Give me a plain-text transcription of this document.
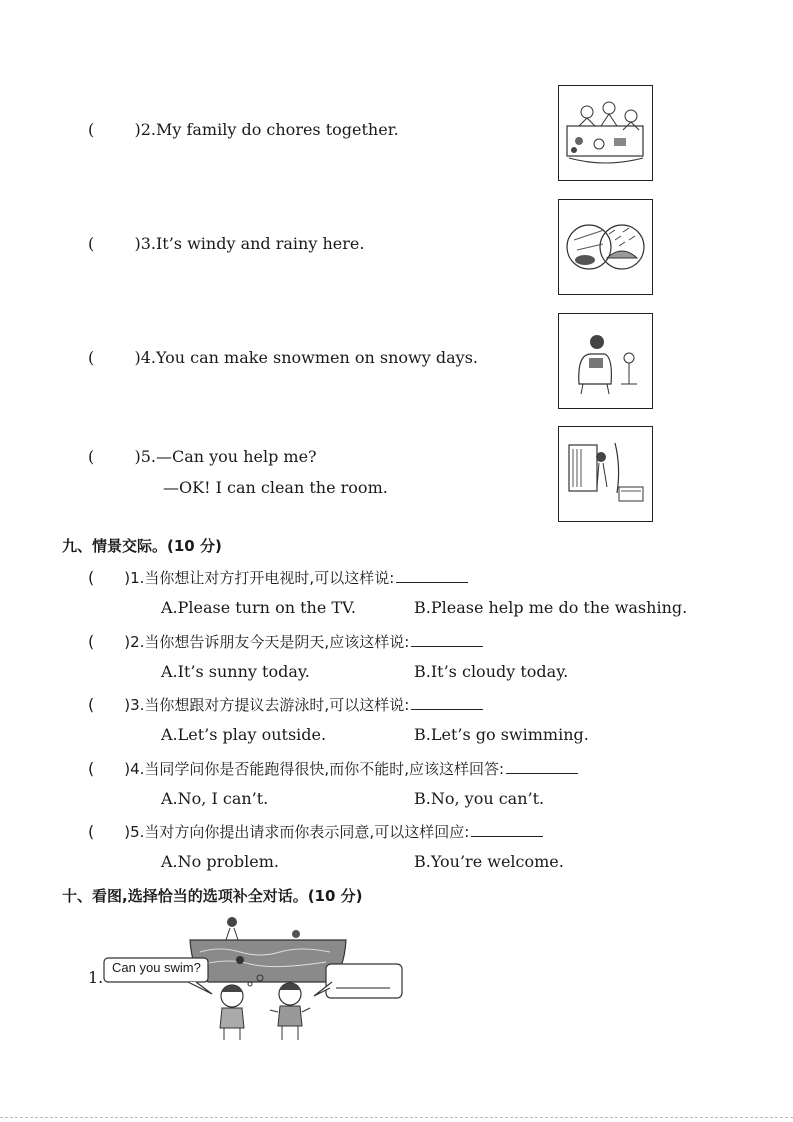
(	)2.My family do chores together.
(	)3.It’s windy and rainy here.
(	)4.You can make snowmen on snowy days.
(	)5.—Can you help me?
—OK! I can clean the room.
九、情景交际。(10 分)
( )1.当你想让对方打开电视时,可以这样说:
A.Please turn on the TV.	B.Please help me do the washing.
( )2.当你想告诉朋友今天是阴天,应该这样说:
A.It’s sunny today.	B.It’s cloudy today.
( )3.当你想跟对方提议去游泳时,可以这样说:
A.Let’s play outside.	B.Let’s go swimming.
( )4.当同学问你是否能跑得很快,而你不能时,应该这样回答:
A.No, I can’t.	B.No, you can’t.
( )5.当对方向你提出请求而你表示同意,可以这样回应:
A.No problem.	B.You’re welcome.
十、看图,选择恰当的选项补全对话。(10 分)
1.
Can you swim?
